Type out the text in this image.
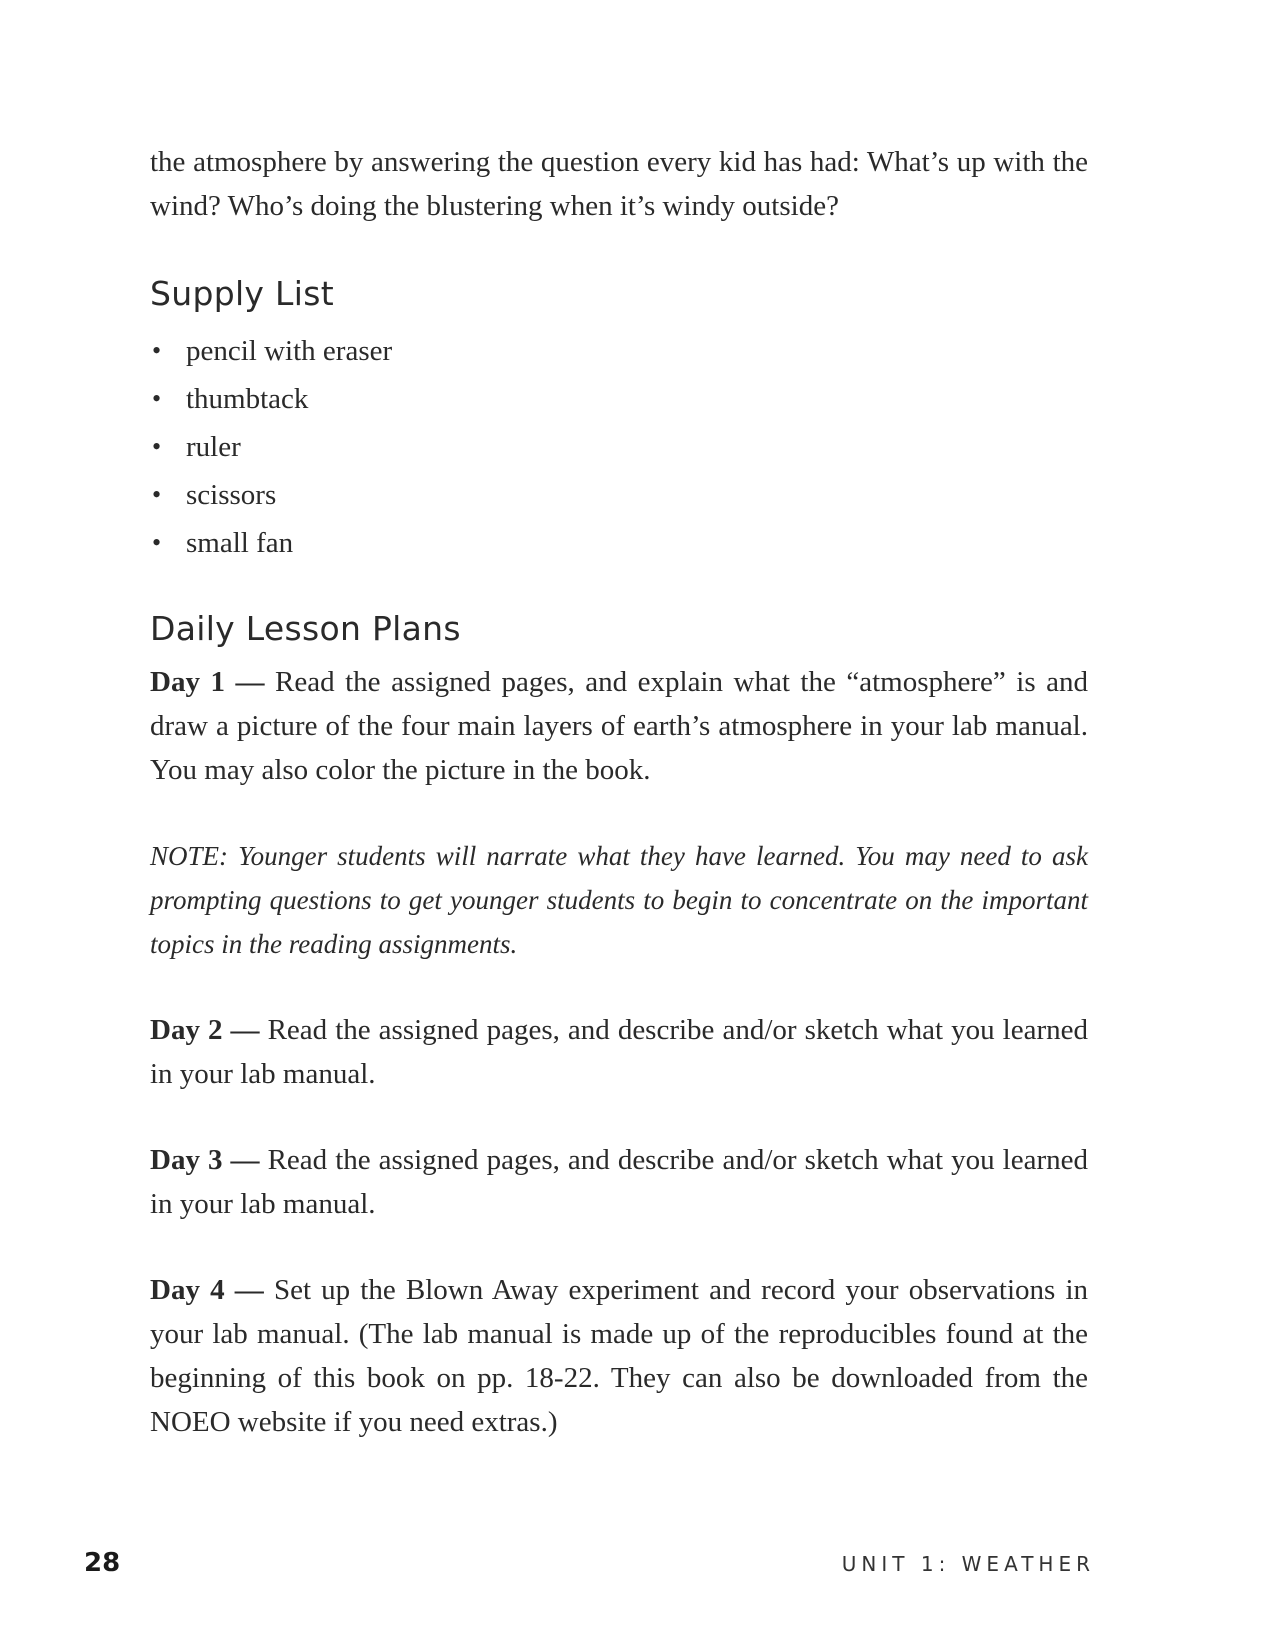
the atmosphere by answering the question every kid has had: What’s up with the wind? Who’s doing the blustering when it’s windy outside?

Supply List
• pencil with eraser
• thumbtack
• ruler
• scissors
• small fan
Daily Lesson Plans

Day 1 — Read the assigned pages, and explain what the “atmosphere” is and draw a picture of the four main layers of earth’s atmosphere in your lab manual. You may also color the picture in the book.

NOTE: Younger students will narrate what they have learned. You may need to ask prompting questions to get younger students to begin to concentrate on the important topics in the reading assignments.

Day 2 — Read the assigned pages, and describe and/or sketch what you learned in your lab manual.

Day 3 — Read the assigned pages, and describe and/or sketch what you learned in your lab manual.

Day 4 — Set up the Blown Away experiment and record your observations in your lab manual. (The lab manual is made up of the reproducibles found at the beginning of this book on pp. 18-22. They can also be downloaded from the NOEO website if you need extras.)

28	UNIT 1: WEATHER
